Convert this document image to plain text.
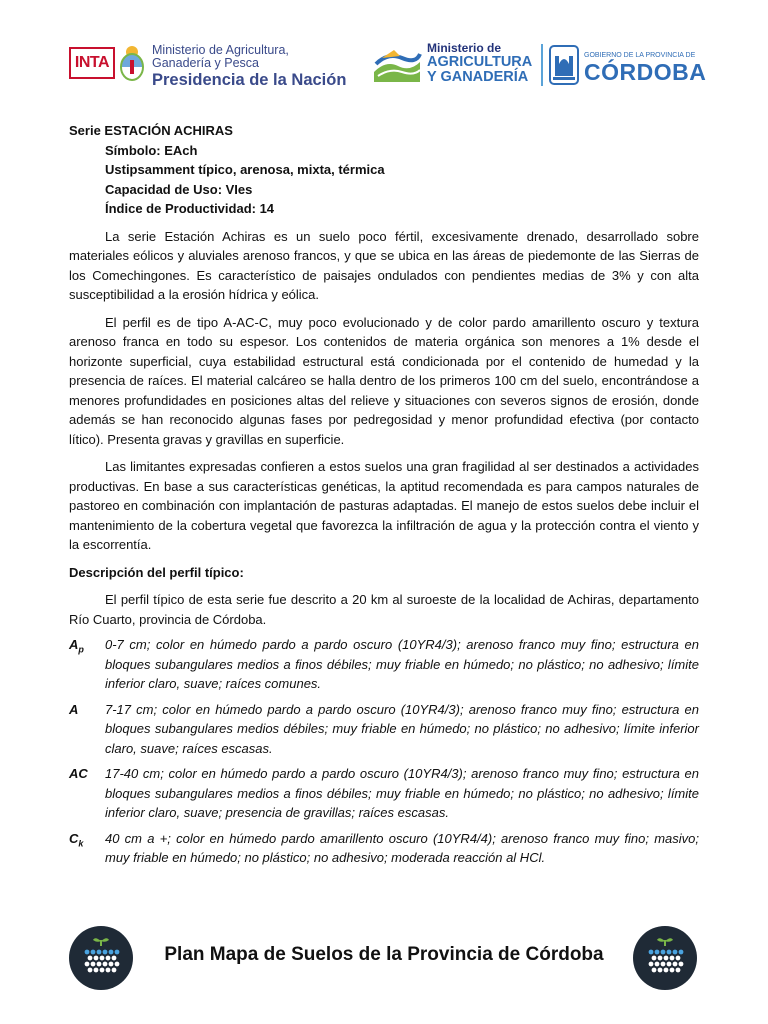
INTA
Ministerio de Agricultura,
Ganadería y Pesca
Presidencia de la Nación
Ministerio de
AGRICULTURA
Y GANADERÍA
GOBIERNO DE LA PROVINCIA DE
CÓRDOBA

Serie ESTACIÓN ACHIRAS

Símbolo: EAch

Ustipsamment típico, arenosa, mixta, térmica

Capacidad de Uso: VIes

Índice de Productividad: 14

La serie Estación Achiras es un suelo poco fértil, excesivamente drenado, desarrollado sobre materiales eólicos y aluviales arenoso francos, y que se ubica en las áreas de piedemonte de las Sierras de los Comechingones. Es característico de paisajes ondulados con pendientes medias de 3% y con alta susceptibilidad a la erosión hídrica y eólica.

El perfil es de tipo A-AC-C, muy poco evolucionado y de color pardo amarillento oscuro y textura arenoso franca en todo su espesor. Los contenidos de materia orgánica son menores a 1% desde el horizonte superficial, cuya estabilidad estructural está condicionada por el contenido de humedad y la presencia de raíces. El material calcáreo se halla dentro de los primeros 100 cm del suelo, encontrándose a menores profundidades en posiciones altas del relieve y situaciones con severos signos de erosión, donde además se han reconocido algunas fases por pedregosidad y menor profundidad efectiva (por contacto lítico). Presenta gravas y gravillas en superficie.

Las limitantes expresadas confieren a estos suelos una gran fragilidad al ser destinados a actividades productivas. En base a sus características genéticas, la aptitud recomendada es para campos naturales de pastoreo en combinación con implantación de pasturas adaptadas. El manejo de estos suelos debe incluir el mantenimiento de la cobertura vegetal que favorezca la infiltración de agua y la protección contra el viento y la escorrentía.

Descripción del perfil típico:

El perfil típico de esta serie fue descrito a 20 km al suroeste de la localidad de Achiras, departamento Río Cuarto, provincia de Córdoba.

$A_p$	0-7 cm; color en húmedo pardo a pardo oscuro (10YR4/3); arenoso franco muy fino; estructura en bloques subangulares medios a finos débiles; muy friable en húmedo; no plástico; no adhesivo; límite inferior claro, suave; raíces comunes.
A	7-17 cm; color en húmedo pardo a pardo oscuro (10YR4/3); arenoso franco muy fino; estructura en bloques subangulares medios débiles; muy friable en húmedo; no plástico; no adhesivo; límite inferior claro, suave; raíces escasas.
AC	17-40 cm; color en húmedo pardo a pardo oscuro (10YR4/3); arenoso franco muy fino; estructura en bloques subangulares medios a finos débiles; muy friable en húmedo; no plástico; no adhesivo; límite inferior claro, suave; presencia de gravillas; raíces escasas.
$C_k$	40 cm a +; color en húmedo pardo amarillento oscuro (10YR4/4); arenoso franco muy fino; masivo; muy friable en húmedo; no plástico; no adhesivo; moderada reacción al HCl.
Plan Mapa de Suelos de la Provincia de Córdoba
